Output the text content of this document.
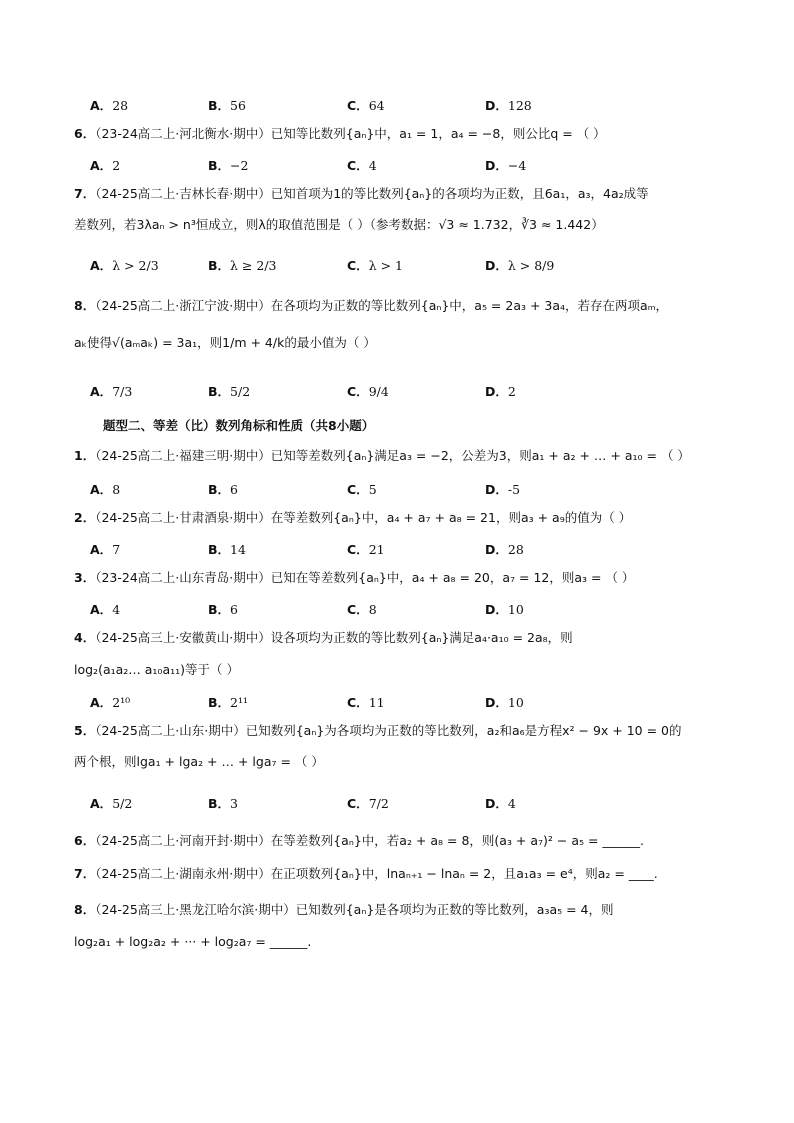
A．28	B．56	C．64	D．128
6．（23-24高二上·河北衡水·期中）已知等比数列{aₙ}中，a₁ = 1，a₄ = −8，则公比q = （ ）
A．2	B．−2	C．4	D．−4
7．（24-25高二上·吉林长春·期中）已知首项为1的等比数列{aₙ}的各项均为正数，且6a₁，a₃，4a₂成等
差数列，若3λaₙ > n³恒成立，则λ的取值范围是（ ）（参考数据：√3 ≈ 1.732，∛3 ≈ 1.442）
A．λ > 2/3	B．λ ≥ 2/3	C．λ > 1	D．λ > 8/9
8．（24-25高二上·浙江宁波·期中）在各项均为正数的等比数列{aₙ}中，a₅ = 2a₃ + 3a₄，若存在两项aₘ，
aₖ使得√(aₘaₖ) = 3a₁，则1/m + 4/k的最小值为（ ）
A．7/3	B．5/2	C．9/4	D．2
题型二、等差（比）数列角标和性质（共8小题）
1．（24-25高二上·福建三明·期中）已知等差数列{aₙ}满足a₃ = −2，公差为3，则a₁ + a₂ + … + a₁₀ = （ ）
A．8	B．6	C．5	D．-5
2．（24-25高二上·甘肃酒泉·期中）在等差数列{aₙ}中，a₄ + a₇ + a₈ = 21，则a₃ + a₉的值为（ ）
A．7	B．14	C．21	D．28
3．（23-24高二上·山东青岛·期中）已知在等差数列{aₙ}中，a₄ + a₈ = 20，a₇ = 12，则a₃ = （ ）
A．4	B．6	C．8	D．10
4．（24-25高三上·安徽黄山·期中）设各项均为正数的等比数列{aₙ}满足a₄·a₁₀ = 2a₈，则
log₂(a₁a₂… a₁₀a₁₁)等于（ ）
A．2¹⁰	B．2¹¹	C．11	D．10
5．（24-25高二上·山东·期中）已知数列{aₙ}为各项均为正数的等比数列，a₂和a₆是方程x² − 9x + 10 = 0的
两个根，则lga₁ + lga₂ + … + lga₇ = （ ）
A．5/2	B．3	C．7/2	D．4
6．（24-25高二上·河南开封·期中）在等差数列{aₙ}中，若a₂ + a₈ = 8，则(a₃ + a₇)² − a₅ = ______.
7．（24-25高二上·湖南永州·期中）在正项数列{aₙ}中，lnaₙ₊₁ − lnaₙ = 2，且a₁a₃ = e⁴，则a₂ = ____.
8．（24-25高三上·黑龙江哈尔滨·期中）已知数列{aₙ}是各项均为正数的等比数列，a₃a₅ = 4，则
log₂a₁ + log₂a₂ + ··· + log₂a₇ = ______.
